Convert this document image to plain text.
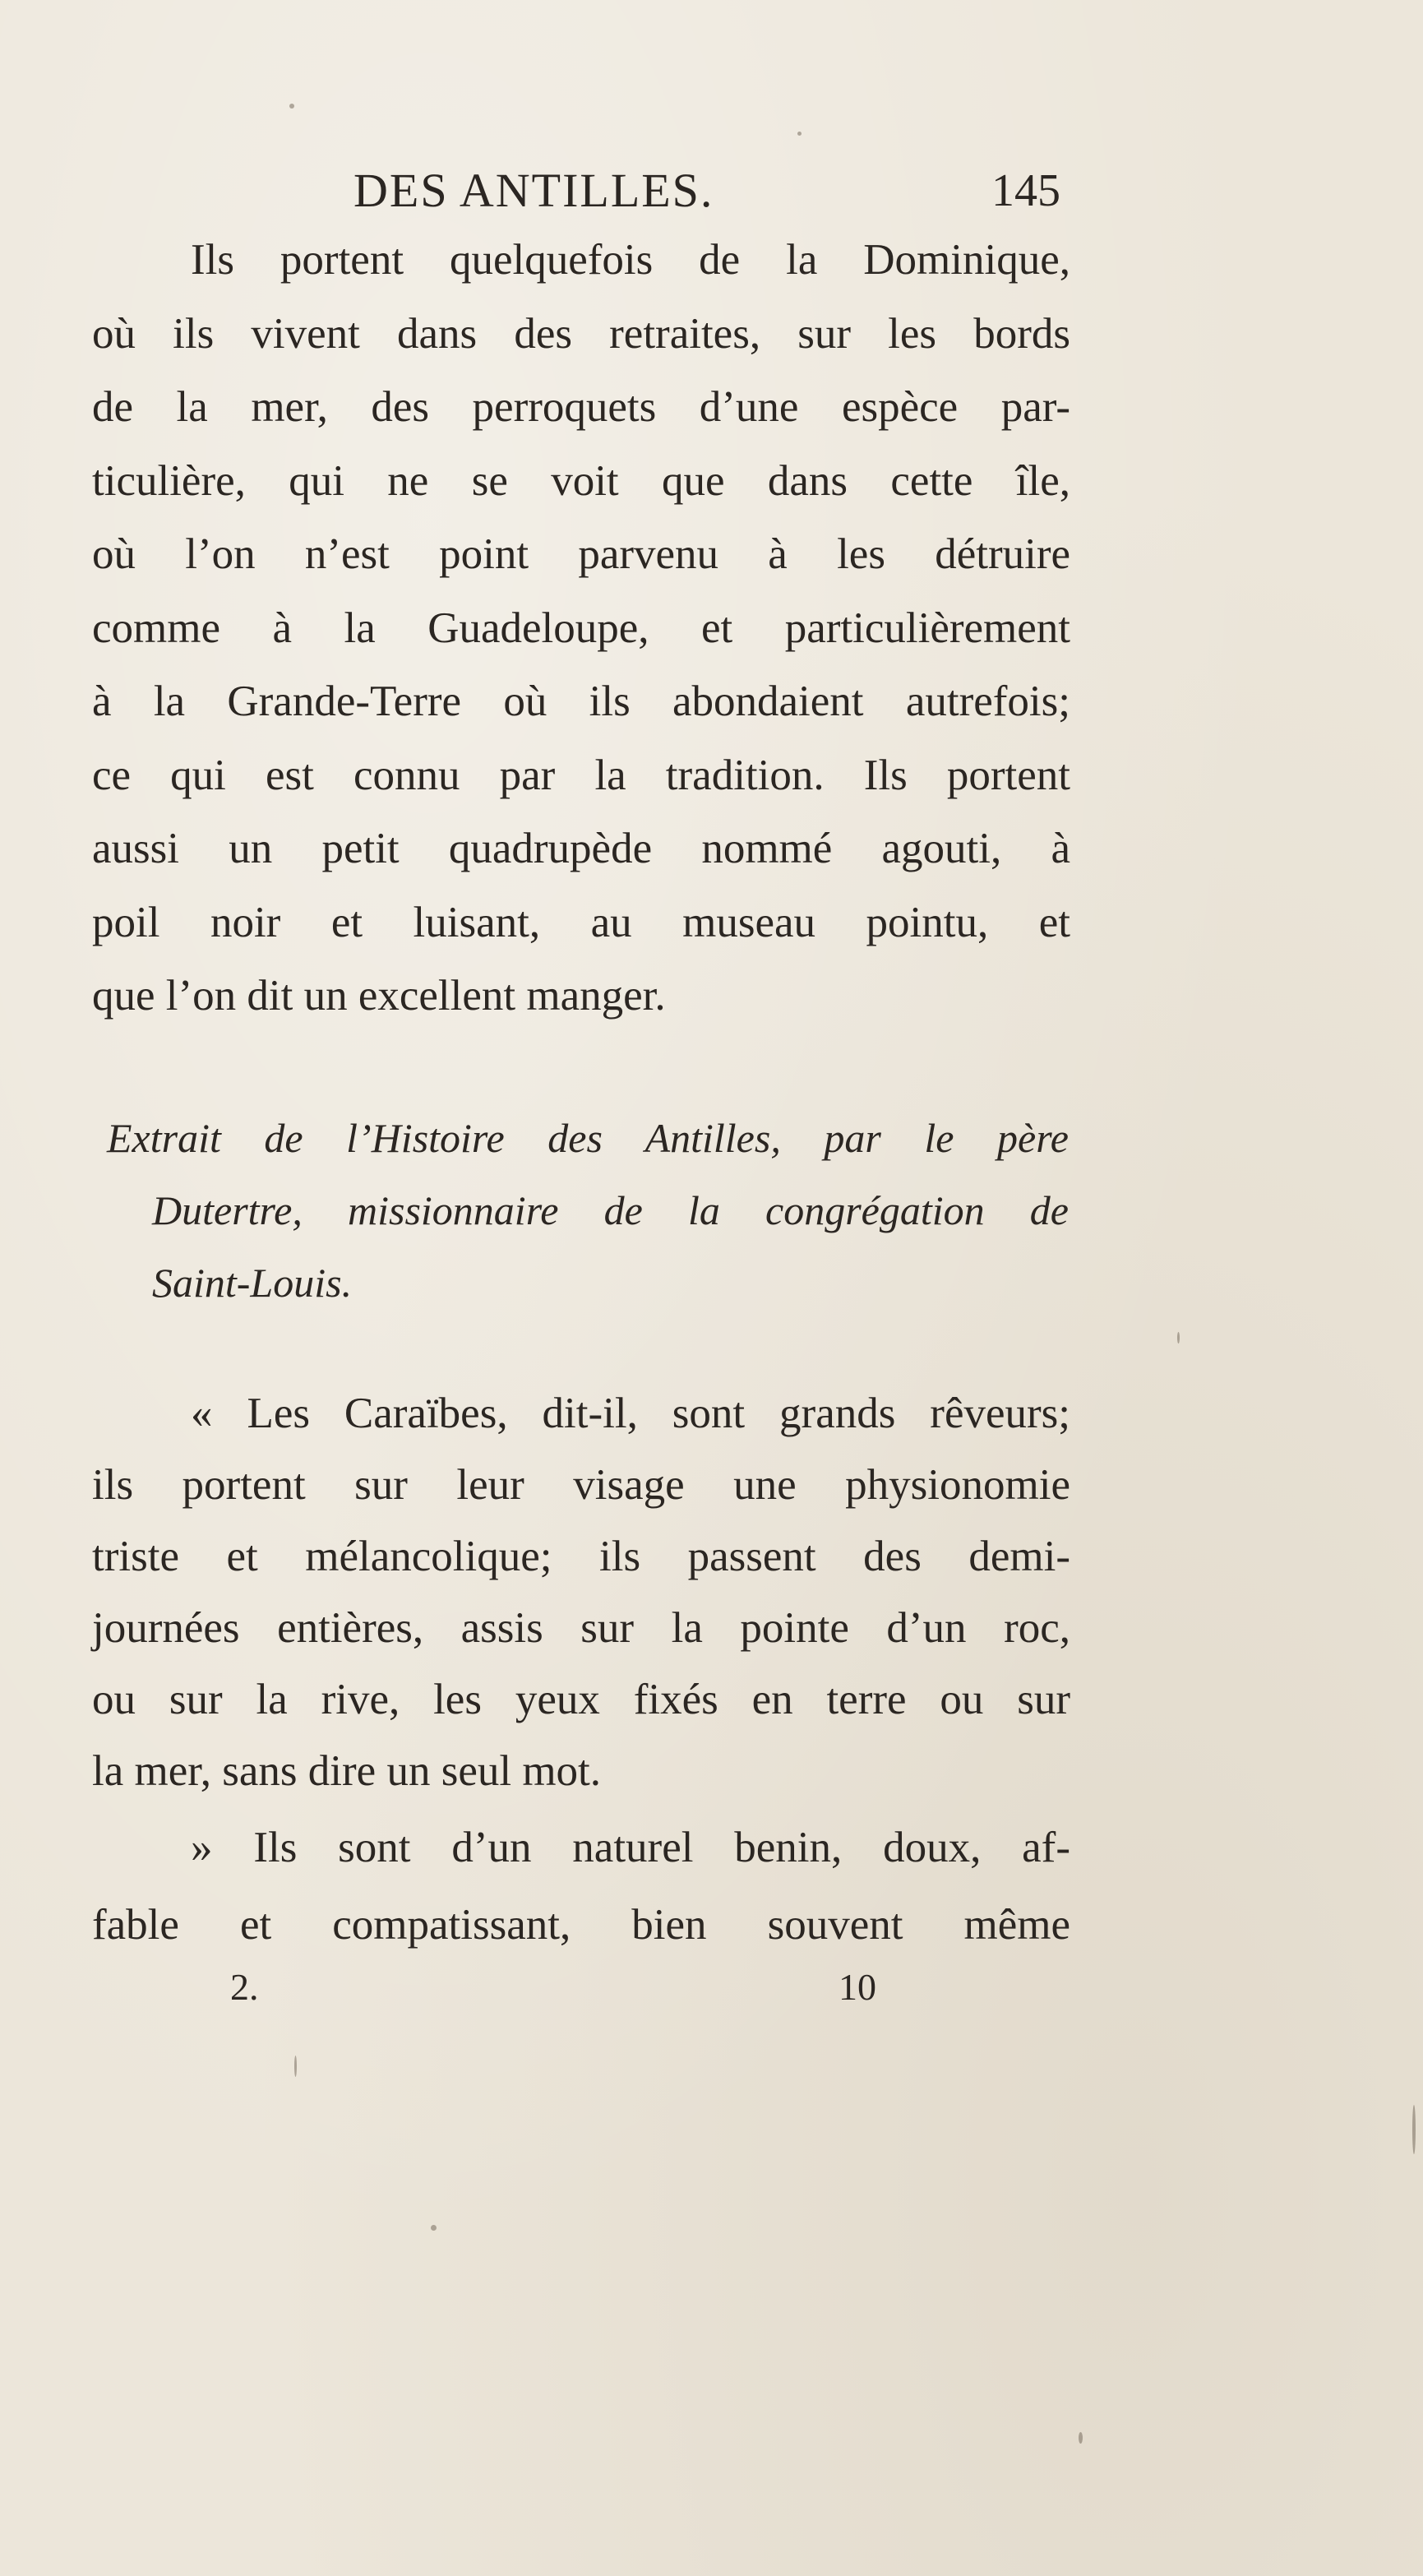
DES ANTILLES.	145
Ils portent quelquefois de la Dominique,
où ils vivent dans des retraites, sur les bords
de la mer, des perroquets d’une espèce par-
ticulière, qui ne se voit que dans cette île,
où l’on n’est point parvenu à les détruire
comme à la Guadeloupe, et particulièrement
à la Grande-Terre où ils abondaient autrefois;
ce qui est connu par la tradition. Ils portent
aussi un petit quadrupède nommé agouti, à
poil noir et luisant, au museau pointu, et
que l’on dit un excellent manger.
Extrait de l’Histoire des Antilles, par le père
Dutertre, missionnaire de la congrégation de
Saint-Louis.
« Les Caraïbes, dit-il, sont grands rêveurs;
ils portent sur leur visage une physionomie
triste et mélancolique; ils passent des demi-
journées entières, assis sur la pointe d’un roc,
ou sur la rive, les yeux fixés en terre ou sur
la mer, sans dire un seul mot.
» Ils sont d’un naturel benin, doux, af-
fable et compatissant, bien souvent même
2.	10
